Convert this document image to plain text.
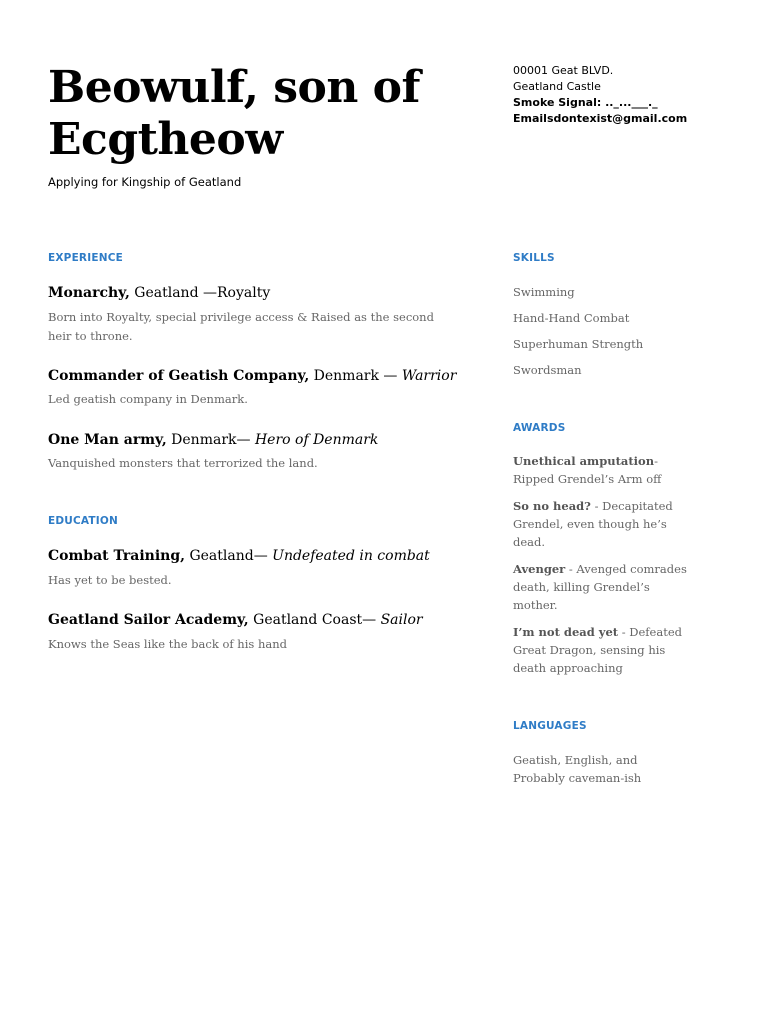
Beowulf, son of Ecgtheow
Applying for Kingship of Geatland
00001 Geat BLVD.
Geatland Castle
Smoke Signal: .._...___._
Emailsdontexist@gmail.com
EXPERIENCE
Monarchy, Geatland —Royalty
Born into Royalty, special privilege access & Raised as the second heir to throne.
Commander of Geatish Company, Denmark — Warrior
Led geatish company in Denmark.
One Man army, Denmark— Hero of Denmark
Vanquished monsters that terrorized the land.
EDUCATION
Combat Training, Geatland— Undefeated in combat
Has yet to be bested.
Geatland Sailor Academy, Geatland Coast— Sailor
Knows the Seas like the back of his hand
SKILLS
Swimming
Hand-Hand Combat
Superhuman Strength
Swordsman
AWARDS
Unethical amputation- Ripped Grendel’s Arm off
So no head? - Decapitated Grendel, even though he’s dead.
Avenger - Avenged comrades death, killing Grendel’s mother.
I’m not dead yet - Defeated Great Dragon, sensing his death approaching
LANGUAGES
Geatish, English, and Probably caveman-ish
